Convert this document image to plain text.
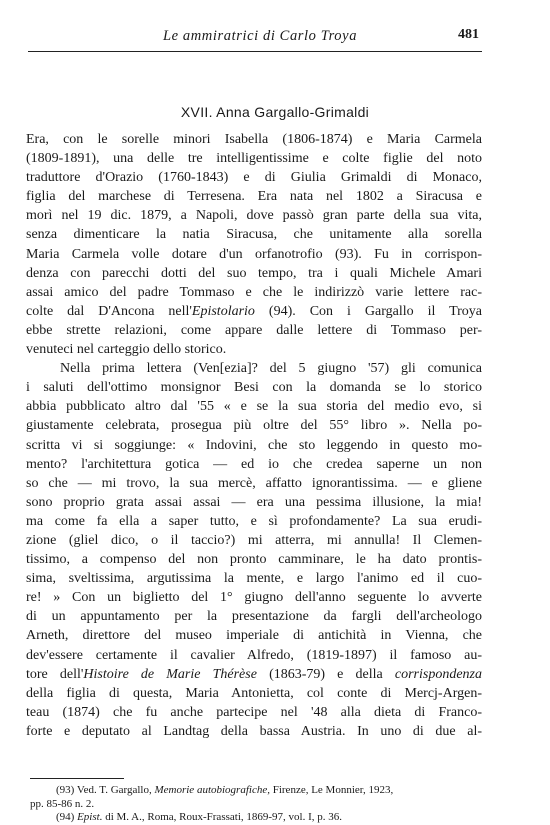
Le ammiratrici di Carlo Troya	481
XVII. Anna Gargallo-Grimaldi
Era, con le sorelle minori Isabella (1806-1874) e Maria Carmela
(1809-1891), una delle tre intelligentissime e colte figlie del noto
traduttore d'Orazio (1760-1843) e di Giulia Grimaldi di Monaco,
figlia del marchese di Terresena. Era nata nel 1802 a Siracusa e
morì nel 19 dic. 1879, a Napoli, dove passò gran parte della sua vita,
senza dimenticare la natia Siracusa, che unitamente alla sorella
Maria Carmela volle dotare d'un orfanotrofio (93). Fu in corrispon-
denza con parecchi dotti del suo tempo, tra i quali Michele Amari
assai amico del padre Tommaso e che le indirizzò varie lettere rac-
colte dal D'Ancona nell'Epistolario (94). Con i Gargallo il Troya
ebbe strette relazioni, come appare dalle lettere di Tommaso per-
venuteci nel carteggio dello storico.
Nella prima lettera (Ven[ezia]? del 5 giugno '57) gli comunica
i saluti dell'ottimo monsignor Besi con la domanda se lo storico
abbia pubblicato altro dal '55 « e se la sua storia del medio evo, si
giustamente celebrata, prosegua più oltre del 55° libro ». Nella po-
scritta vi si soggiunge: « Indovini, che sto leggendo in questo mo-
mento? l'architettura gotica — ed io che credea saperne un non
so che — mi trovo, la sua mercè, affatto ignorantissima. — e gliene
sono proprio grata assai assai — era una pessima illusione, la mia!
ma come fa ella a saper tutto, e sì profondamente? La sua erudi-
zione (gliel dico, o il taccio?) mi atterra, mi annulla! Il Clemen-
tissimo, a compenso del non pronto camminare, le ha dato prontis-
sima, sveltissima, argutissima la mente, e largo l'animo ed il cuo-
re! » Con un biglietto del 1° giugno dell'anno seguente lo avverte
di un appuntamento per la presentazione da fargli dell'archeologo
Arneth, direttore del museo imperiale di antichità in Vienna, che
dev'essere certamente il cavalier Alfredo, (1819-1897) il famoso au-
tore dell'Histoire de Marie Thérèse (1863-79) e della corrispondenza
della figlia di questa, Maria Antonietta, col conte di Mercj-Argen-
teau (1874) che fu anche partecipe nel '48 alla dieta di Franco-
forte e deputato al Landtag della bassa Austria. In uno di due al-
(93) Ved. T. Gargallo, Memorie autobiografiche, Firenze, Le Monnier, 1923,
pp. 85-86 n. 2.
(94) Epist. di M. A., Roma, Roux-Frassati, 1869-97, vol. I, p. 36.
